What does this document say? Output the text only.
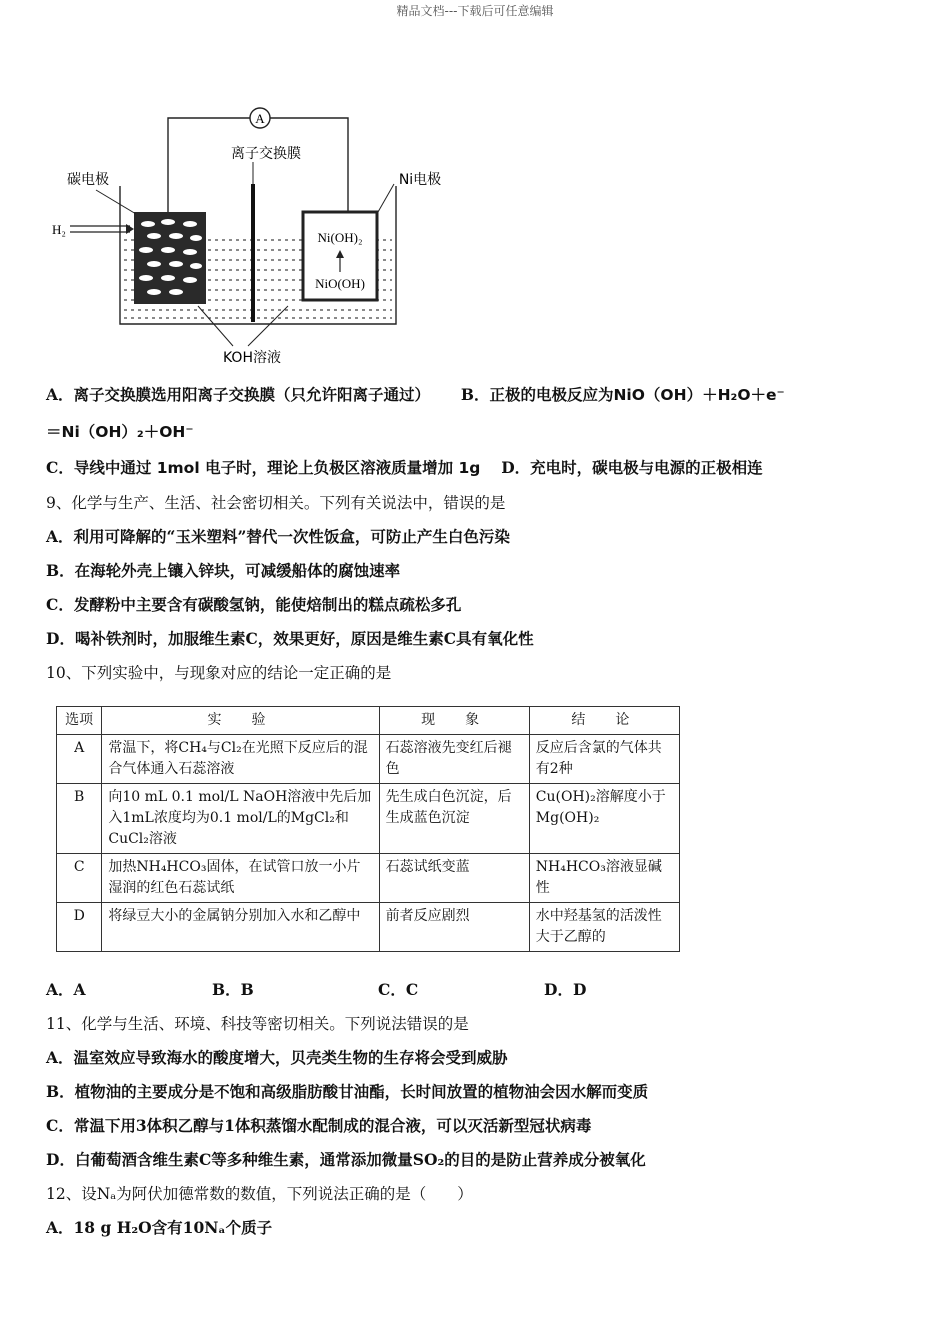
精品文档---下载后可任意编辑
A
离子交换膜
碳电极
H₂
Ni(OH)₂
NiO(OH)
Ni电极
KOH溶液
A．离子交换膜选用阳离子交换膜（只允许阳离子通过） B．正极的电极反应为NiO（OH）＋H₂O＋e⁻
＝Ni（OH）₂＋OH⁻
C．导线中通过 1mol 电子时，理论上负极区溶液质量增加 1g D．充电时，碳电极与电源的正极相连
9、化学与生产、生活、社会密切相关。下列有关说法中，错误的是
A．利用可降解的“玉米塑料”替代一次性饭盒，可防止产生白色污染
B．在海轮外壳上镶入锌块，可减缓船体的腐蚀速率
C．发酵粉中主要含有碳酸氢钠，能使焙制出的糕点疏松多孔
D．喝补铁剂时，加服维生素C，效果更好，原因是维生素C具有氧化性
10、下列实验中，与现象对应的结论一定正确的是
选项	实　验	现　象	结　论
A	常温下，将CH₄与Cl₂在光照下反应后的混合气体通入石蕊溶液	石蕊溶液先变红后褪色	反应后含氯的气体共有2种
B	向10 mL 0.1 mol/L NaOH溶液中先后加入1mL浓度均为0.1 mol/L的MgCl₂和CuCl₂溶液	先生成白色沉淀，后生成蓝色沉淀	Cu(OH)₂溶解度小于Mg(OH)₂
C	加热NH₄HCO₃固体，在试管口放一小片湿润的红色石蕊试纸	石蕊试纸变蓝	NH₄HCO₃溶液显碱性
D	将绿豆大小的金属钠分别加入水和乙醇中	前者反应剧烈	水中羟基氢的活泼性大于乙醇的
A．A	B．B	C．C	D．D
11、化学与生活、环境、科技等密切相关。下列说法错误的是
A．温室效应导致海水的酸度增大，贝壳类生物的生存将会受到威胁
B．植物油的主要成分是不饱和高级脂肪酸甘油酯，长时间放置的植物油会因水解而变质
C．常温下用3体积乙醇与1体积蒸馏水配制成的混合液，可以灭活新型冠状病毒
D．白葡萄酒含维生素C等多种维生素，通常添加微量SO₂的目的是防止营养成分被氧化
12、设Nₐ为阿伏加德常数的数值，下列说法正确的是（　　）
A．18 g H₂O含有10Nₐ个质子
